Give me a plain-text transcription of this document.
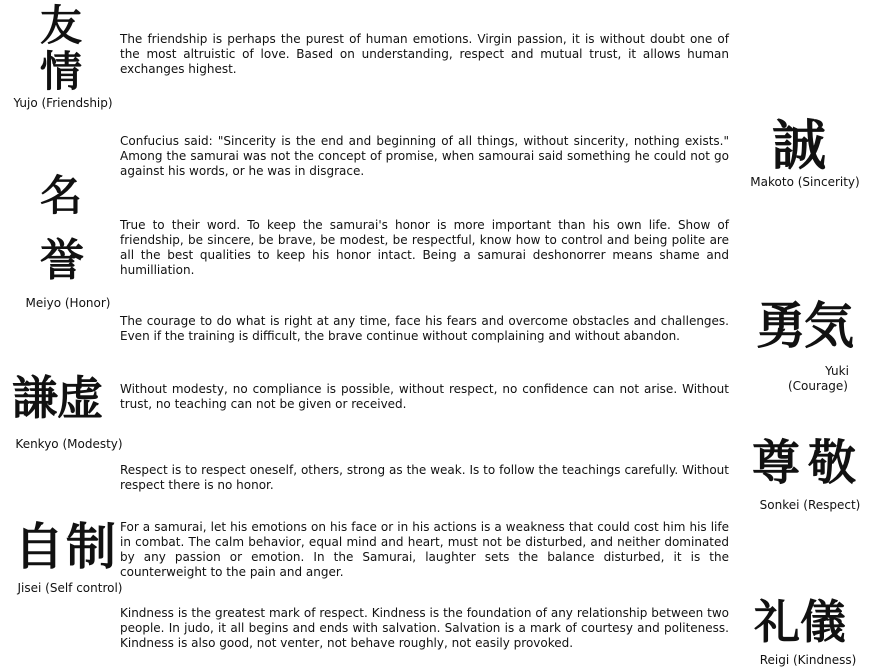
友
情
Yujo (Friendship)

The friendship is perhaps the purest of human emotions. Virgin passion, it is without doubt one of the most altruistic of love. Based on understanding, respect and mutual trust, it allows human exchanges highest.

Confucius said: "Sincerity is the end and beginning of all things, without sincerity, nothing exists." Among the samurai was not the concept of promise, when samourai said something he could not go against his words, or he was in disgrace.	誠
Makoto (Sincerity)
名
誉
Meiyo (Honor)

True to their word. To keep the samurai's honor is more important than his own life. Show of friendship, be sincere, be brave, be modest, be respectful, know how to control and being polite are all the best qualities to keep his honor intact. Being a samurai deshonorrer means shame and humilliation.

The courage to do what is right at any time, face his fears and overcome obstacles and challenges. Even if the training is difficult, the brave continue without complaining and without abandon.	勇気
Yuki
(Courage)
謙虚
Kenkyo (Modesty)

Without modesty, no compliance is possible, without respect, no confidence can not arise. Without trust, no teaching can not be given or received.

Respect is to respect oneself, others, strong as the weak. Is to follow the teachings carefully. Without respect there is no honor.	尊敬
Sonkei (Respect)
自制
Jisei (Self control)

For a samurai, let his emotions on his face or in his actions is a weakness that could cost him his life in combat. The calm behavior, equal mind and heart, must not be disturbed, and neither dominated by any passion or emotion. In the Samurai, laughter sets the balance disturbed, it is the counterweight to the pain and anger.

Kindness is the greatest mark of respect. Kindness is the foundation of any relationship between two people. In judo, it all begins and ends with salvation. Salvation is a mark of courtesy and politeness. Kindness is also good, not venter, not behave roughly, not easily provoked.	礼儀
Reigi (Kindness)
